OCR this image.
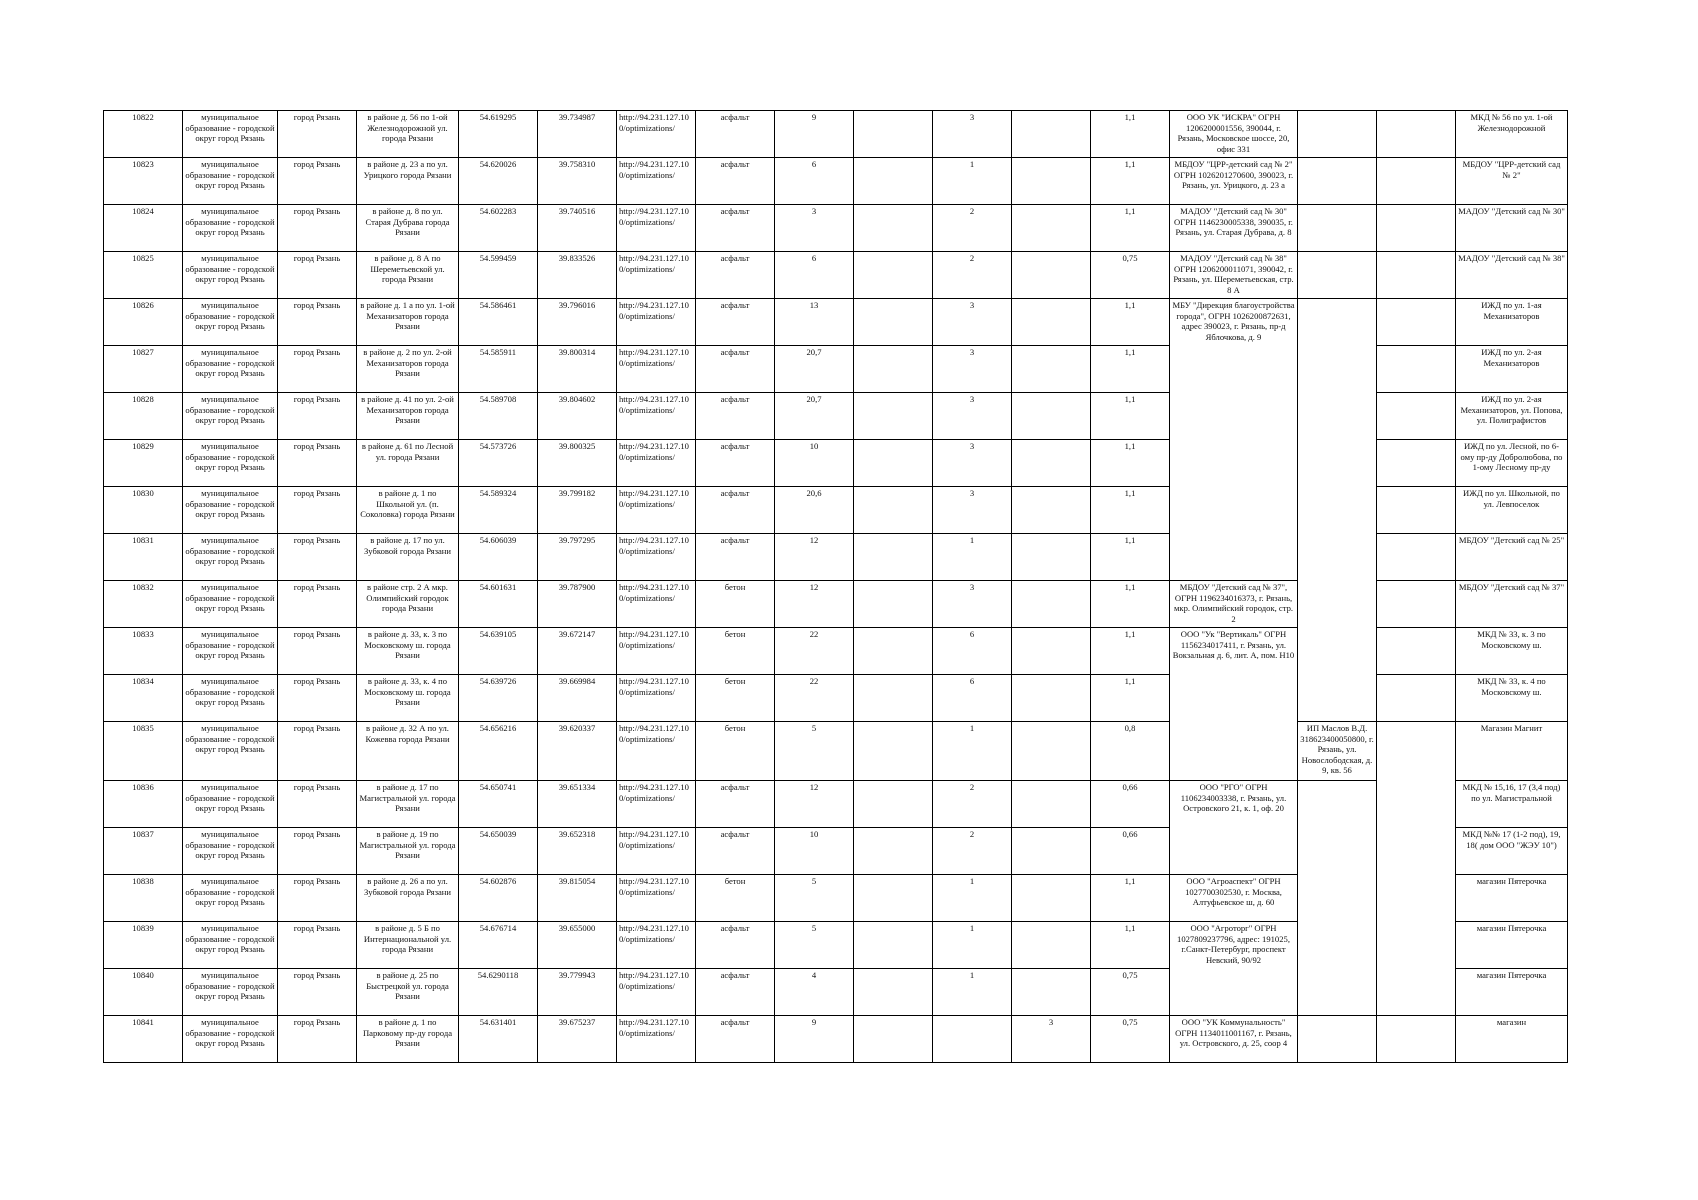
10822	муниципальное образование - городской округ город Рязань	город Рязань	в районе д. 56 по 1-ой Железнодорожной ул. города Рязани	54.619295	39.734987	http://94.231.127.10 0/optimizations/	асфальт	9		3		1,1	ООО УК "ИСКРА" ОГРН 1206200001556, 390044, г. Рязань, Московское шоссе, 20, офис 331			МКД № 56 по ул. 1-ой Железнодорожной
10823	муниципальное образование - городской округ город Рязань	город Рязань	в районе д. 23 а по ул. Урицкого города Рязани	54.620026	39.758310	http://94.231.127.10 0/optimizations/	асфальт	6		1		1,1	МБДОУ "ЦРР-детский сад № 2" ОГРН 1026201270600, 390023, г. Рязань, ул. Урицкого, д. 23 а			МБДОУ "ЦРР-детский сад № 2"
10824	муниципальное образование - городской округ город Рязань	город Рязань	в районе д. 8 по ул. Старая Дубрава города Рязани	54.602283	39.740516	http://94.231.127.10 0/optimizations/	асфальт	3		2		1,1	МАДОУ "Детский сад № 30" ОГРН 1146230005338, 390035, г. Рязань, ул. Старая Дубрава, д. 8			МАДОУ "Детский сад № 30"
10825	муниципальное образование - городской округ город Рязань	город Рязань	в районе д. 8 А по Шереметьевской ул. города Рязани	54.599459	39.833526	http://94.231.127.10 0/optimizations/	асфальт	6		2		0,75	МАДОУ "Детский сад № 38" ОГРН 1206200011071, 390042, г. Рязань, ул. Шереметьевская, стр. 8 А			МАДОУ "Детский сад № 38"
10826	муниципальное образование - городской округ город Рязань	город Рязань	в районе д. 1 а по ул. 1-ой Механизаторов города Рязани	54.586461	39.796016	http://94.231.127.10 0/optimizations/	асфальт	13		3		1,1	МБУ "Дирекция благоустройства города", ОГРН 1026200872631, адрес 390023, г. Рязань, пр-д Яблочкова, д. 9			ИЖД по ул. 1-ая Механизаторов
10827	муниципальное образование - городской округ город Рязань	город Рязань	в районе д. 2 по ул. 2-ой Механизаторов города Рязани	54.585911	39.800314	http://94.231.127.10 0/optimizations/	асфальт	20,7		3		1,1				ИЖД по ул. 2-ая Механизаторов
10828	муниципальное образование - городской округ город Рязань	город Рязань	в районе д. 41 по ул. 2-ой Механизаторов города Рязани	54.589708	39.804602	http://94.231.127.10 0/optimizations/	асфальт	20,7		3		1,1				ИЖД по ул. 2-ая Механизаторов, ул. Попова, ул. Полиграфистов
10829	муниципальное образование - городской округ город Рязань	город Рязань	в районе д. 61 по Лесной ул. города Рязани	54.573726	39.800325	http://94.231.127.10 0/optimizations/	асфальт	10		3		1,1				ИЖД по ул. Лесной, по 6-ому пр-ду Добролюбова, по 1-ому Лесному пр-ду
10830	муниципальное образование - городской округ город Рязань	город Рязань	в районе д. 1 по Школьной ул. (п. Соколовка) города Рязани	54.589324	39.799182	http://94.231.127.10 0/optimizations/	асфальт	20,6		3		1,1				ИЖД по ул. Школьной, по ул. Левпоселок
10831	муниципальное образование - городской округ город Рязань	город Рязань	в районе д. 17 по ул. Зубковой города Рязани	54.606039	39.797295	http://94.231.127.10 0/optimizations/	асфальт	12		1		1,1				МБДОУ "Детский сад № 25"
10832	муниципальное образование - городской округ город Рязань	город Рязань	в районе стр. 2 А мкр. Олимпийский городок города Рязани	54.601631	39.787900	http://94.231.127.10 0/optimizations/	бетон	12		3		1,1	МБДОУ "Детский сад № 37", ОГРН 1196234016373, г. Рязань, мкр. Олимпийский городок, стр. 2			МБДОУ "Детский сад № 37"
10833	муниципальное образование - городской округ город Рязань	город Рязань	в районе д. 33, к. 3 по Московскому ш. города Рязани	54.639105	39.672147	http://94.231.127.10 0/optimizations/	бетон	22		6		1,1	ООО "Ук "Вертикаль" ОГРН 1156234017411, г. Рязань, ул. Вокзальная д. 6, лит. А, пом. Н10			МКД № 33, к. 3 по Московскому ш.
10834	муниципальное образование - городской округ город Рязань	город Рязань	в районе д. 33, к. 4 по Московскому ш. города Рязани	54.639726	39.669984	http://94.231.127.10 0/optimizations/	бетон	22		6		1,1				МКД № 33, к. 4 по Московскому ш.
10835	муниципальное образование - городской округ город Рязань	город Рязань	в районе д. 32 А по ул. Кожевва города Рязани	54.656216	39.620337	http://94.231.127.10 0/optimizations/	бетон	5		1		0,8		ИП Маслов В.Д. 318623400050800, г. Рязань, ул. Новослободская, д. 9, кв. 56		Магазин Магнит
10836	муниципальное образование - городской округ город Рязань	город Рязань	в районе д. 17 по Магистральной ул. города Рязани	54.650741	39.651334	http://94.231.127.10 0/optimizations/	асфальт	12		2		0,66	ООО "РГО" ОГРН 1106234003338, г. Рязань, ул. Островского 21, к. 1, оф. 20			МКД № 15,16, 17 (3,4 под) по ул. Магистральной
10837	муниципальное образование - городской округ город Рязань	город Рязань	в районе д. 19 по Магистральной ул. города Рязани	54.650039	39.652318	http://94.231.127.10 0/optimizations/	асфальт	10		2		0,66				МКД №№ 17 (1-2 под), 19, 18( дом ООО "ЖЭУ 10")
10838	муниципальное образование - городской округ город Рязань	город Рязань	в районе д. 26 а по ул. Зубковой города Рязани	54.602876	39.815054	http://94.231.127.10 0/optimizations/	бетон	5		1		1,1	ООО "Агроаспект" ОГРН 1027700302530, г. Москва, Алтуфьевское ш, д. 60			магазин Пятерочка
10839	муниципальное образование - городской округ город Рязань	город Рязань	в районе д. 5 Б по Интернациональной ул. города Рязани	54.676714	39.655000	http://94.231.127.10 0/optimizations/	асфальт	5		1		1,1	ООО "Агроторг" ОГРН 1027809237796, адрес: 191025, г.Санкт-Петербург, проспект Невский, 90/92			магазин Пятерочка
10840	муниципальное образование - городской округ город Рязань	город Рязань	в районе д. 25 по Быстрецкой ул. города Рязани	54.6290118	39.779943	http://94.231.127.10 0/optimizations/	асфальт	4		1		0,75				магазин Пятерочка
10841	муниципальное образование - городской округ город Рязань	город Рязань	в районе д. 1 по Парковому пр-ду города Рязани	54.631401	39.675237	http://94.231.127.10 0/optimizations/	асфальт	9			3	0,75	ООО "УК Коммунальность" ОГРН 1134011001167, г. Рязань, ул. Островского, д. 25, соор 4			магазин
